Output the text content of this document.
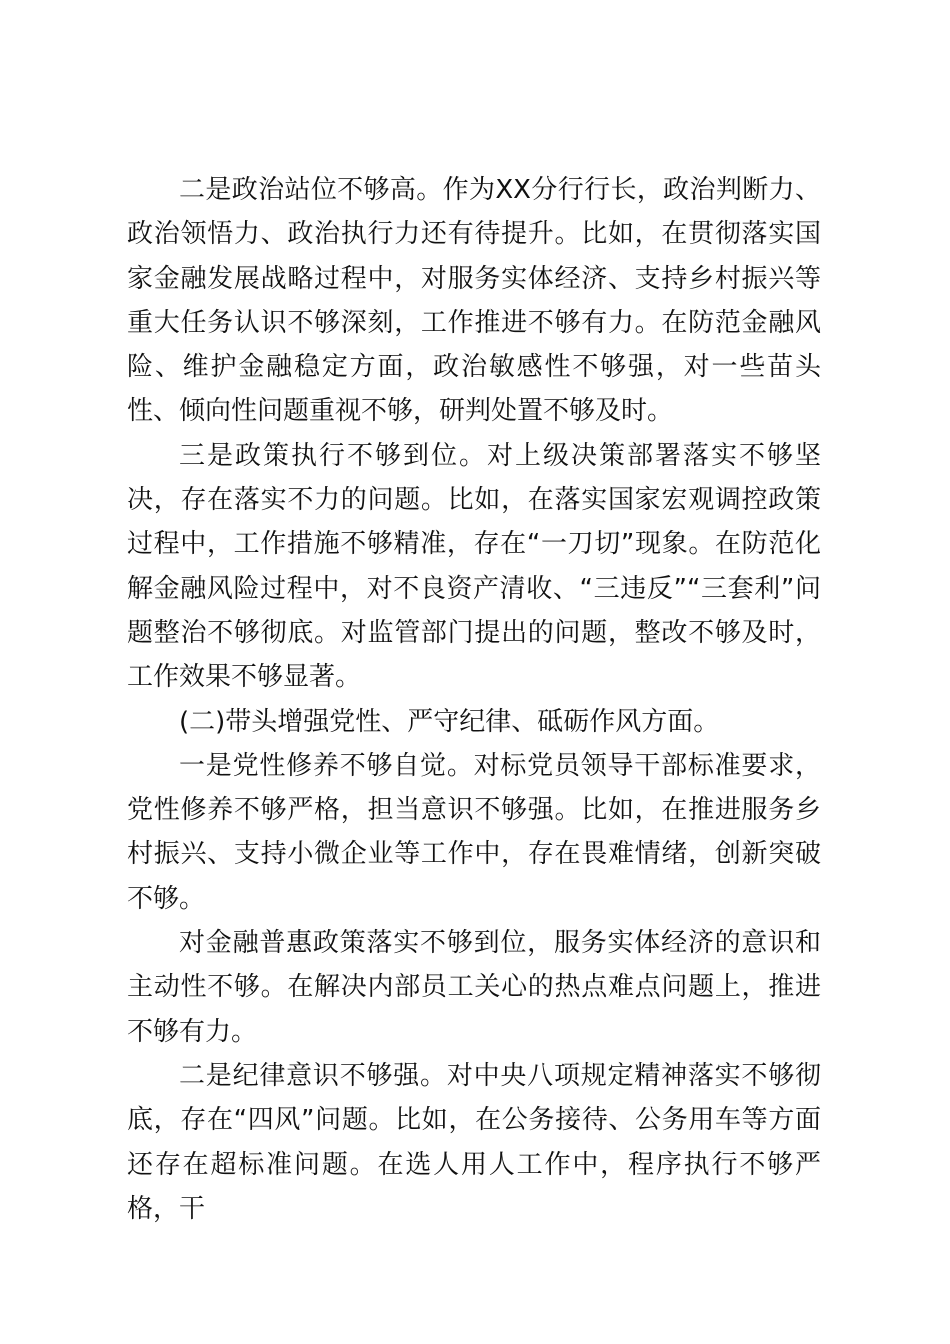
二是政治站位不够高。作为XX分行行长，政治判断力、政治领悟力、政治执行力还有待提升。比如，在贯彻落实国家金融发展战略过程中，对服务实体经济、支持乡村振兴等重大任务认识不够深刻，工作推进不够有力。在防范金融风险、维护金融稳定方面，政治敏感性不够强，对一些苗头性、倾向性问题重视不够，研判处置不够及时。

三是政策执行不够到位。对上级决策部署落实不够坚决，存在落实不力的问题。比如，在落实国家宏观调控政策过程中，工作措施不够精准，存在“一刀切”现象。在防范化解金融风险过程中，对不良资产清收、“三违反”“三套利”问题整治不够彻底。对监管部门提出的问题，整改不够及时，工作效果不够显著。

(二)带头增强党性、严守纪律、砥砺作风方面。

一是党性修养不够自觉。对标党员领导干部标准要求，党性修养不够严格，担当意识不够强。比如，在推进服务乡村振兴、支持小微企业等工作中，存在畏难情绪，创新突破不够。

对金融普惠政策落实不够到位，服务实体经济的意识和主动性不够。在解决内部员工关心的热点难点问题上，推进不够有力。

二是纪律意识不够强。对中央八项规定精神落实不够彻底，存在“四风”问题。比如，在公务接待、公务用车等方面还存在超标准问题。在选人用人工作中，程序执行不够严格，干
